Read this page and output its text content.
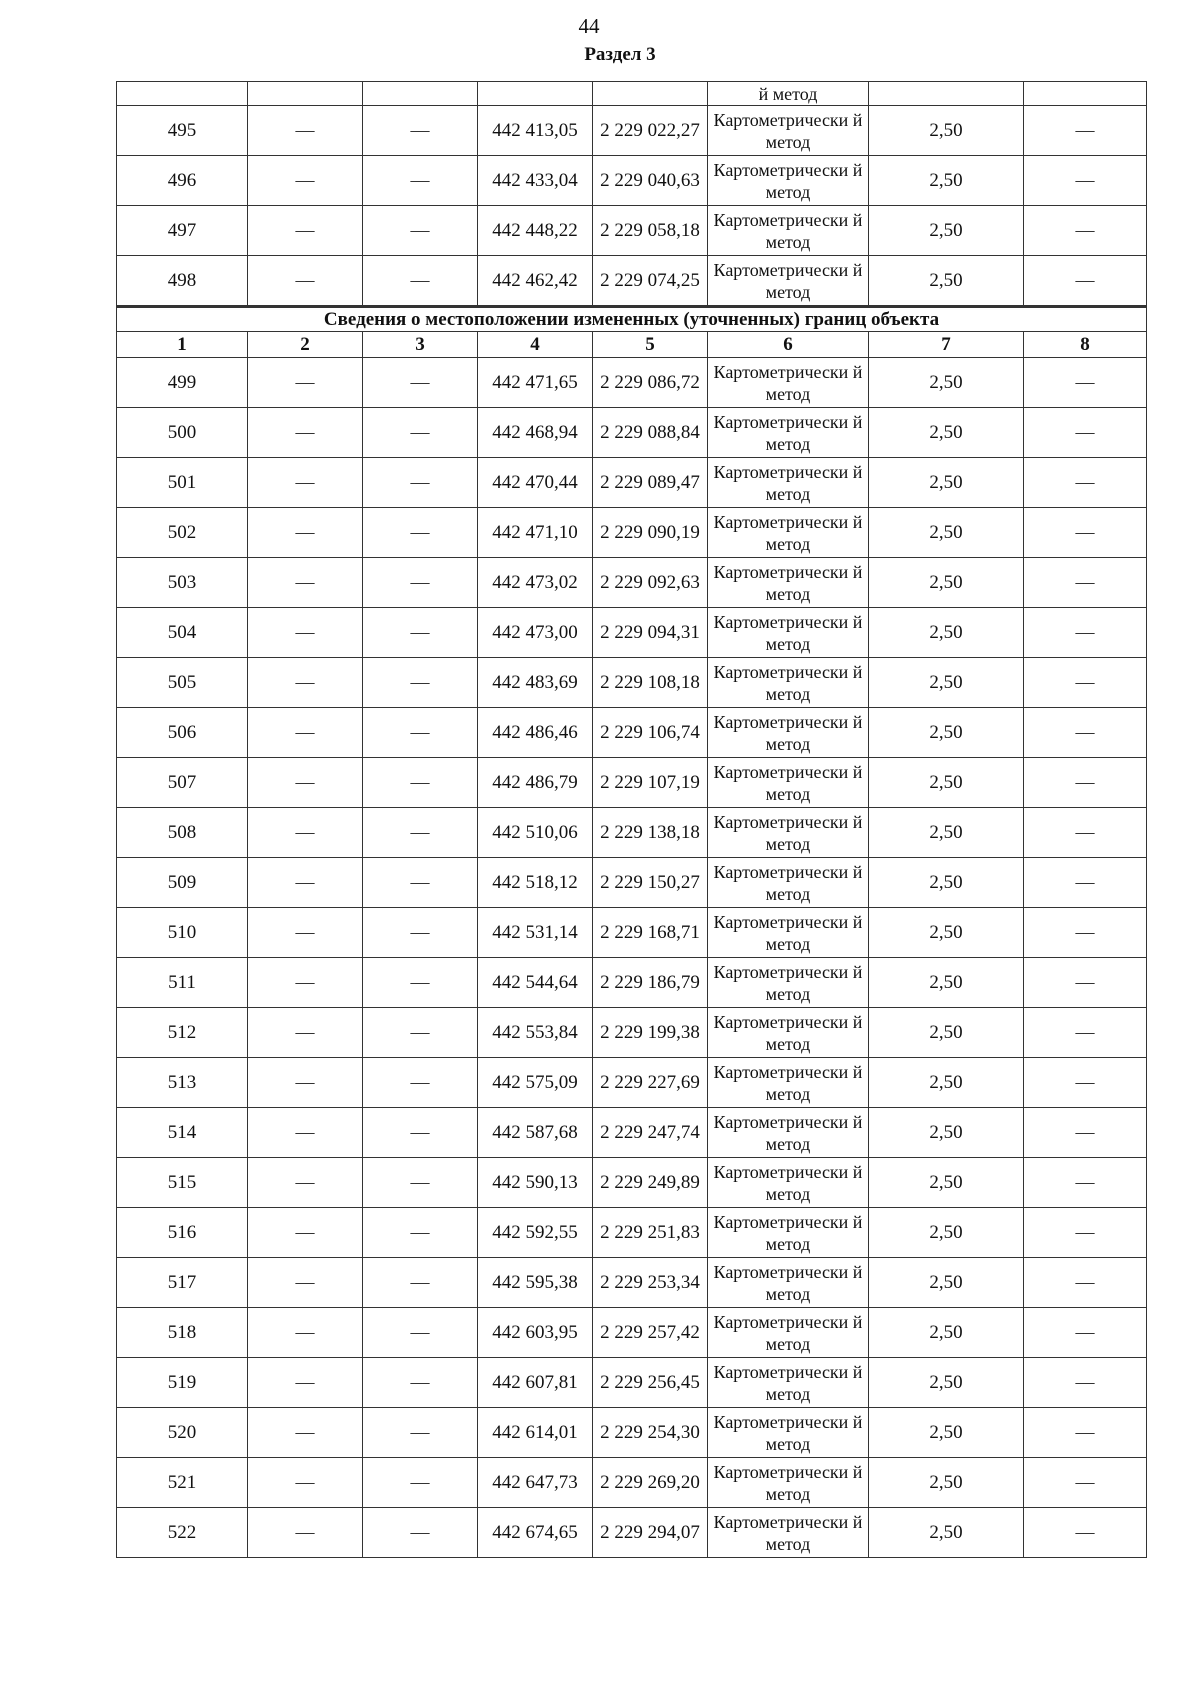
44
Раздел 3
					й метод		
495	—	—	442 413,05	2 229 022,27	Картометрически й метод	2,50	—
496	—	—	442 433,04	2 229 040,63	Картометрически й метод	2,50	—
497	—	—	442 448,22	2 229 058,18	Картометрически й метод	2,50	—
498	—	—	442 462,42	2 229 074,25	Картометрически й метод	2,50	—
Сведения о местоположении измененных (уточненных) границ объекта							
1	2	3	4	5	6	7	8
499	—	—	442 471,65	2 229 086,72	Картометрически й метод	2,50	—
500	—	—	442 468,94	2 229 088,84	Картометрически й метод	2,50	—
501	—	—	442 470,44	2 229 089,47	Картометрически й метод	2,50	—
502	—	—	442 471,10	2 229 090,19	Картометрически й метод	2,50	—
503	—	—	442 473,02	2 229 092,63	Картометрически й метод	2,50	—
504	—	—	442 473,00	2 229 094,31	Картометрически й метод	2,50	—
505	—	—	442 483,69	2 229 108,18	Картометрически й метод	2,50	—
506	—	—	442 486,46	2 229 106,74	Картометрически й метод	2,50	—
507	—	—	442 486,79	2 229 107,19	Картометрически й метод	2,50	—
508	—	—	442 510,06	2 229 138,18	Картометрически й метод	2,50	—
509	—	—	442 518,12	2 229 150,27	Картометрически й метод	2,50	—
510	—	—	442 531,14	2 229 168,71	Картометрически й метод	2,50	—
511	—	—	442 544,64	2 229 186,79	Картометрически й метод	2,50	—
512	—	—	442 553,84	2 229 199,38	Картометрически й метод	2,50	—
513	—	—	442 575,09	2 229 227,69	Картометрически й метод	2,50	—
514	—	—	442 587,68	2 229 247,74	Картометрически й метод	2,50	—
515	—	—	442 590,13	2 229 249,89	Картометрически й метод	2,50	—
516	—	—	442 592,55	2 229 251,83	Картометрически й метод	2,50	—
517	—	—	442 595,38	2 229 253,34	Картометрически й метод	2,50	—
518	—	—	442 603,95	2 229 257,42	Картометрически й метод	2,50	—
519	—	—	442 607,81	2 229 256,45	Картометрически й метод	2,50	—
520	—	—	442 614,01	2 229 254,30	Картометрически й метод	2,50	—
521	—	—	442 647,73	2 229 269,20	Картометрически й метод	2,50	—
522	—	—	442 674,65	2 229 294,07	Картометрически й метод	2,50	—
